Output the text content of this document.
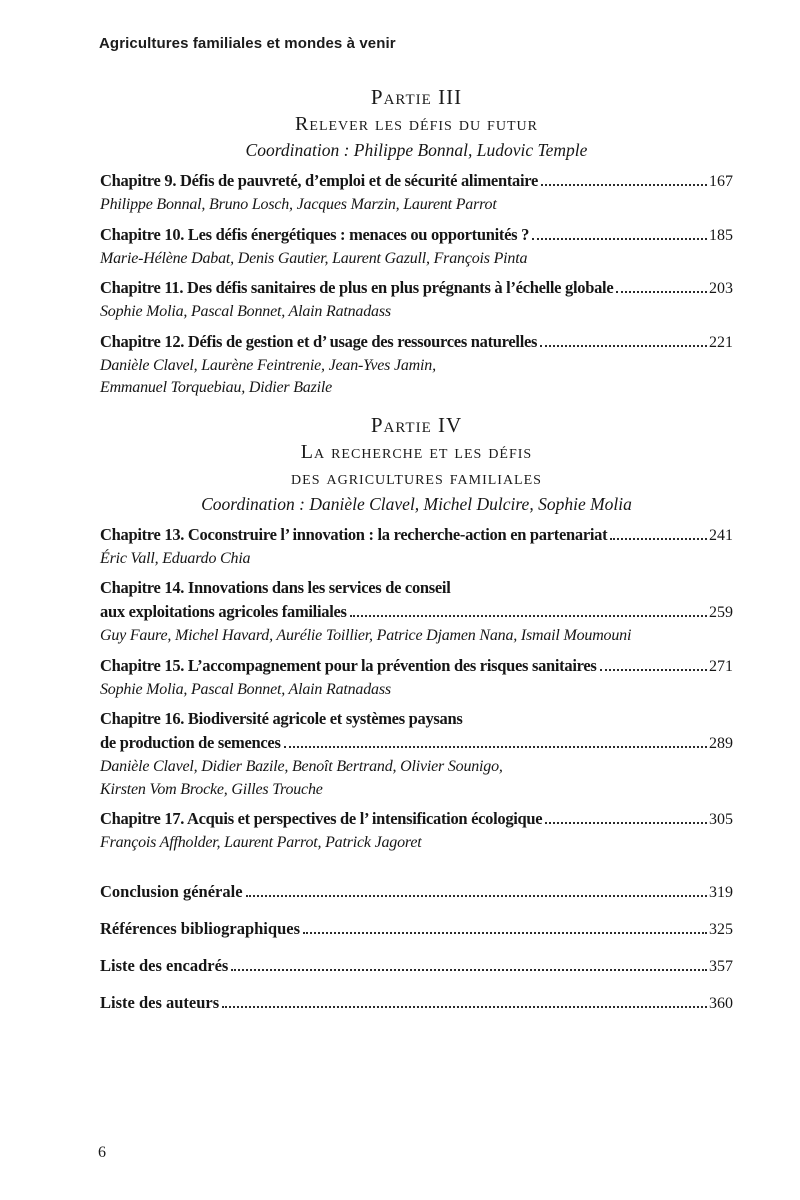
Agricultures familiales et mondes à venir
Partie III
Relever les défis du futur
Coordination : Philippe Bonnal, Ludovic Temple
Chapitre 9. Défis de pauvreté, d’emploi et de sécurité alimentaire	167
Philippe Bonnal, Bruno Losch, Jacques Marzin, Laurent Parrot
Chapitre 10. Les défis énergétiques : menaces ou opportunités ?	185
Marie-Hélène Dabat, Denis Gautier, Laurent Gazull, François Pinta
Chapitre 11. Des défis sanitaires de plus en plus prégnants à l’échelle globale	203
Sophie Molia, Pascal Bonnet, Alain Ratnadass
Chapitre 12. Défis de gestion et d’ usage des ressources naturelles	221
Danièle Clavel, Laurène Feintrenie, Jean-Yves Jamin,
Emmanuel Torquebiau, Didier Bazile
Partie IV
La recherche et les défis
des agricultures familiales
Coordination : Danièle Clavel, Michel Dulcire, Sophie Molia
Chapitre 13. Coconstruire l’ innovation : la recherche-action en partenariat	241
Éric Vall, Eduardo Chia
Chapitre 14. Innovations dans les services de conseil
aux exploitations agricoles familiales	259
Guy Faure, Michel Havard, Aurélie Toillier, Patrice Djamen Nana, Ismail Moumouni
Chapitre 15. L’accompagnement pour la prévention des risques sanitaires	271
Sophie Molia, Pascal Bonnet, Alain Ratnadass
Chapitre 16. Biodiversité agricole et systèmes paysans
de production de semences	289
Danièle Clavel, Didier Bazile, Benoît Bertrand, Olivier Sounigo,
Kirsten Vom Brocke, Gilles Trouche
Chapitre 17. Acquis et perspectives de l’ intensification écologique	305
François Affholder, Laurent Parrot, Patrick Jagoret
Conclusion générale	319
Références bibliographiques	325
Liste des encadrés	357
Liste des auteurs	360
6
